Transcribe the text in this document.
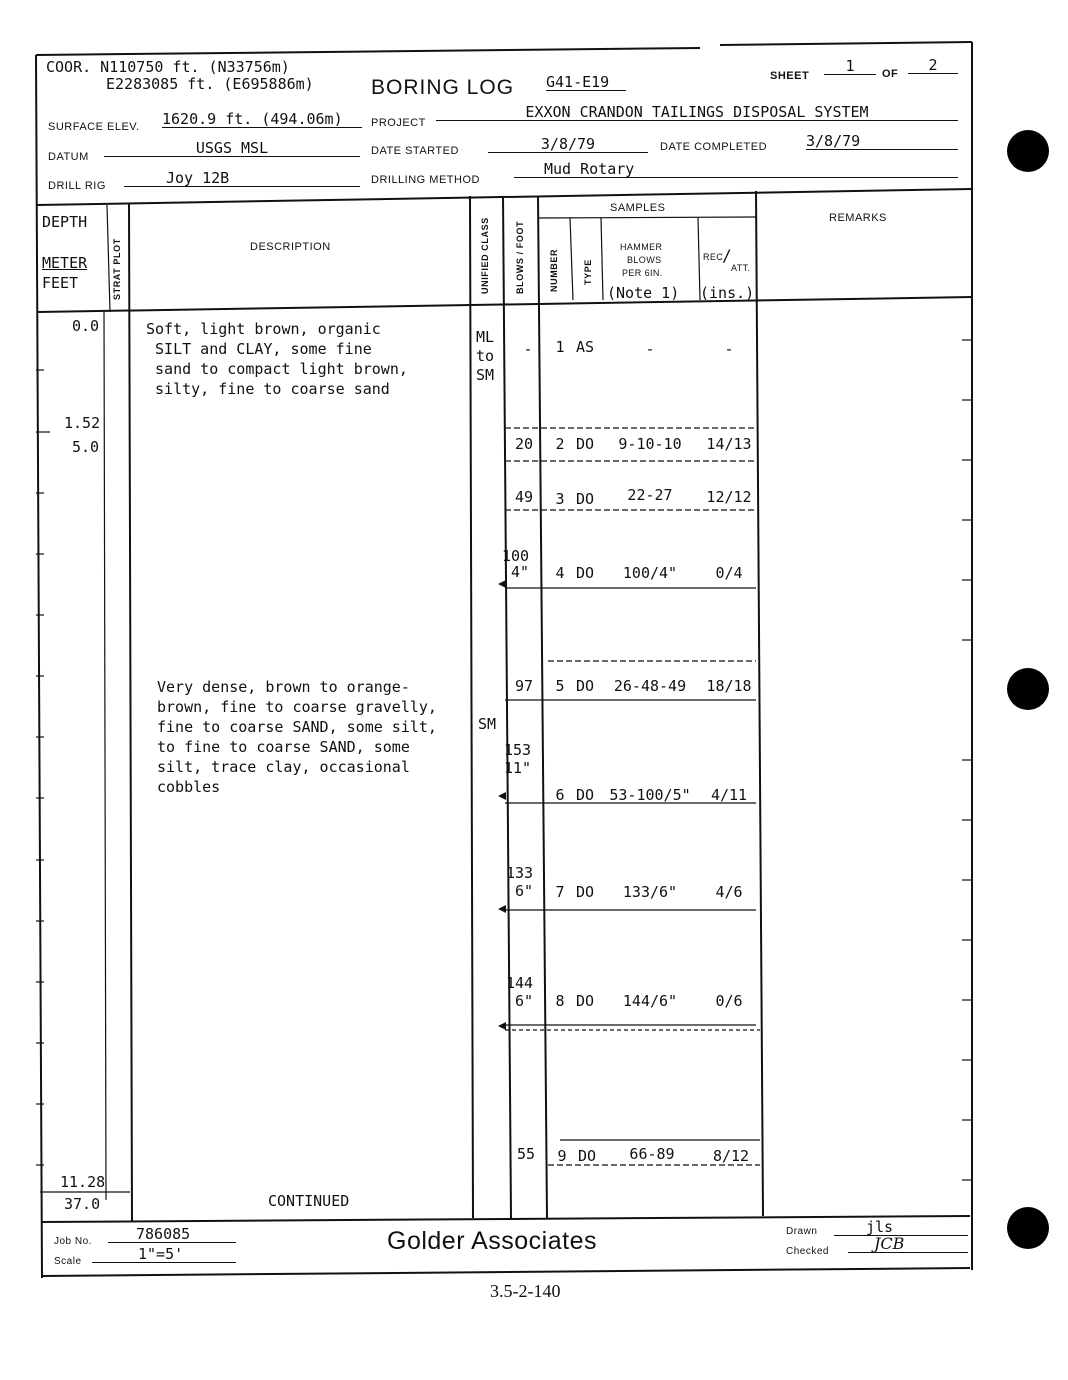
COOR. N110750 ft. (N33756m)
E2283085 ft. (E695886m)	BORING LOG G41-E19	SHEET
1	OF	2
SURFACE ELEV. 1620.9 ft. (494.06m)	PROJECT
EXXON CRANDON TAILINGS DISPOSAL SYSTEM
DATUM	USGS MSL	DATE STARTED	3/8/79	DATE COMPLETED	3/8/79
DRILL RIG	Joy 12B	DRILLING METHOD
Mud Rotary
DEPTH
METER
FEET	STRAT PLOT	DESCRIPTION	UNIFIED CLASS	BLOWS / FOOT
SAMPLES
NUMBER	TYPE
HAMMER
BLOWS
PER 6IN.
(Note 1)
REC
/
ATT.
(ins.)
REMARKS
0.0
1.52
5.0
11.28
37.0
Soft, light brown, organic
SILT and CLAY, some fine
sand to compact light brown,
silty, fine to coarse sand
ML
to
SM
Very dense, brown to orange-
brown, fine to coarse gravelly,
fine to coarse SAND, some silt,
to fine to coarse SAND, some
silt, trace clay, occasional
cobbles
SM
-	1 AS	-	-
20	2 DO	9-10-10	14/13
49	3 DO	22-27	12/12
100
4"	4 DO	100/4"	0/4
97	5 DO	26-48-49	18/18
153
11"
6 DO	53-100/5"	4/11
133
6"	7 DO	133/6"	4/6
144
6"	8 DO	144/6"	0/6
55	9 DO	66-89	8/12
CONTINUED
Job No.	786085
Scale	1"=5'	Golder Associates	Drawn	jls
Checked	JCB
3.5-2-140
